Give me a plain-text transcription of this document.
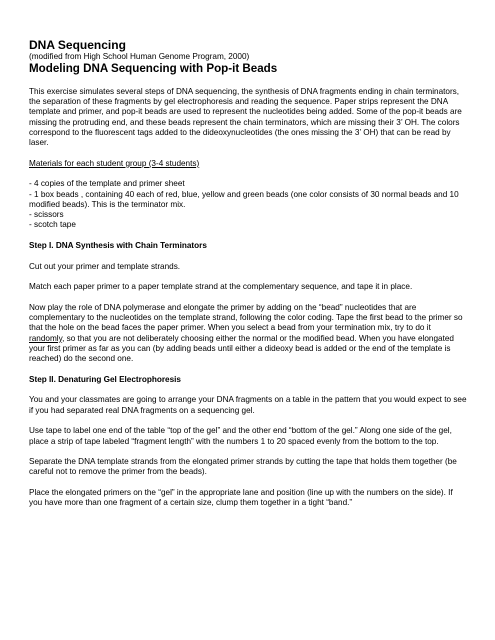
DNA Sequencing

(modified from High School Human Genome Program, 2000)

Modeling DNA Sequencing with Pop-it Beads

This exercise simulates several steps of DNA sequencing, the synthesis of DNA fragments ending in chain terminators, the separation of these fragments by gel electrophoresis and reading the sequence. Paper strips represent the DNA template and primer, and pop-it beads are used to represent the nucleotides being added. Some of the pop-it beads are missing the protruding end, and these beads represent the chain terminators, which are missing their 3’ OH. The colors correspond to the fluorescent tags added to the dideoxynucleotides (the ones missing the 3’ OH) that can be read by laser.

Materials for each student group (3-4 students)

- 4 copies of the template and primer sheet
- 1 box beads , containing 40 each of red, blue, yellow and green beads (one color consists of 30 normal beads and 10 modified beads). This is the terminator mix.
- scissors
- scotch tape

Step I. DNA Synthesis with Chain Terminators

Cut out your primer and template strands.

Match each paper primer to a paper template strand at the complementary sequence, and tape it in place.

Now play the role of DNA polymerase and elongate the primer by adding on the “bead” nucleotides that are complementary to the nucleotides on the template strand, following the color coding. Tape the first bead to the primer so that the hole on the bead faces the paper primer. When you select a bead from your termination mix, try to do it randomly, so that you are not deliberately choosing either the normal or the modified bead. When you have elongated your first primer as far as you can (by adding beads until either a dideoxy bead is added or the end of the template is reached) do the second one.

Step II. Denaturing Gel Electrophoresis

You and your classmates are going to arrange your DNA fragments on a table in the pattern that you would expect to see if you had separated real DNA fragments on a sequencing gel.

Use tape to label one end of the table “top of the gel” and the other end “bottom of the gel.” Along one side of the gel, place a strip of tape labeled “fragment length” with the numbers 1 to 20 spaced evenly from the bottom to the top.

Separate the DNA template strands from the elongated primer strands by cutting the tape that holds them together (be careful not to remove the primer from the beads).

Place the elongated primers on the “gel” in the appropriate lane and position (line up with the numbers on the side). If you have more than one fragment of a certain size, clump them together in a tight “band.”
